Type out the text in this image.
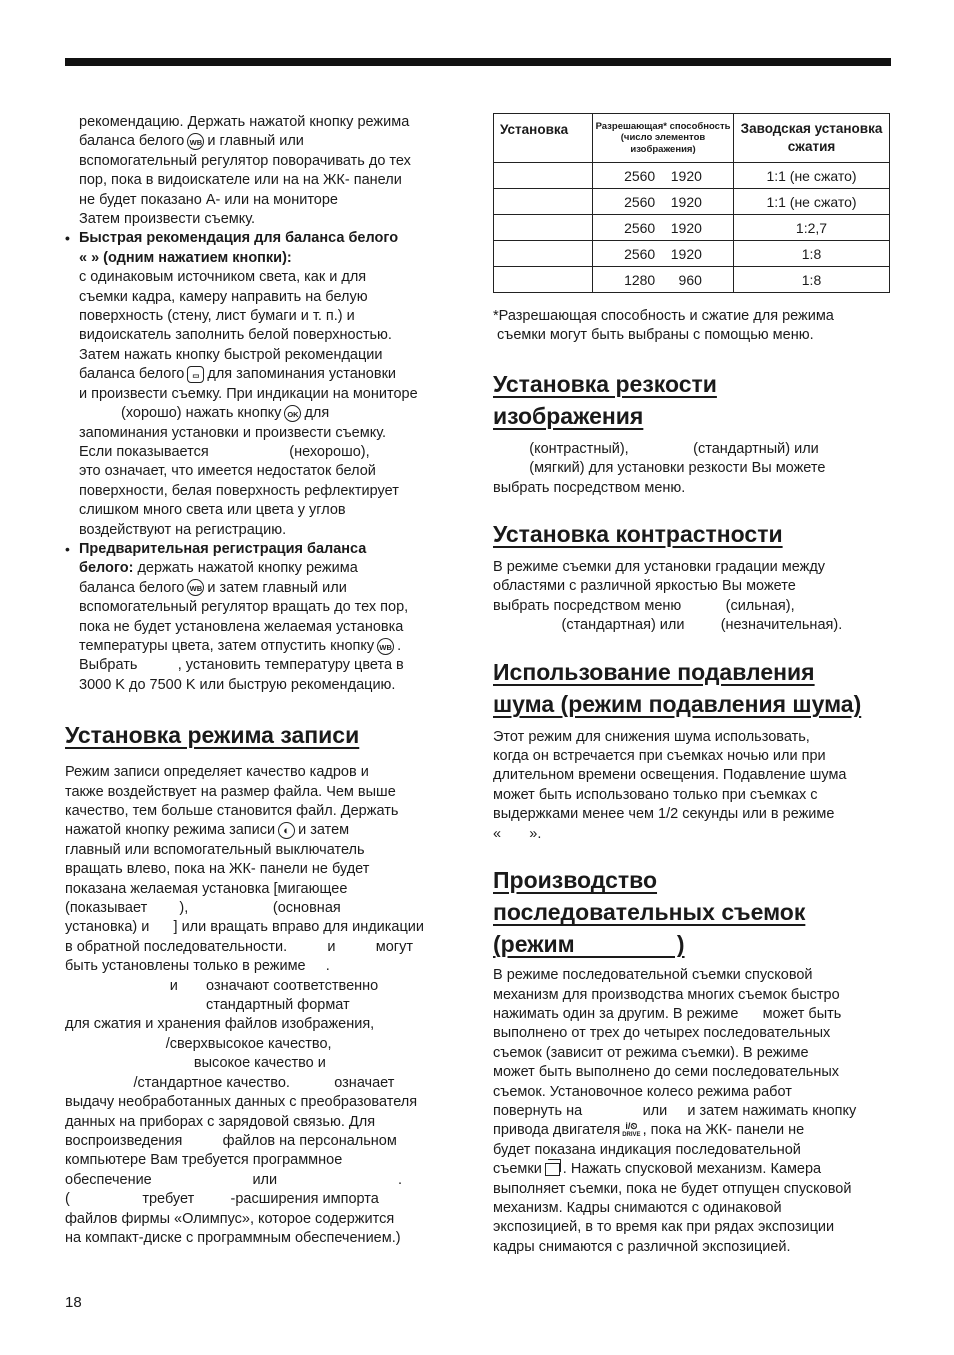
рекомендацию. Держать нажатой кнопку режима

баланса белого WB и главный или

вспомогательный регулятор поворачивать до тех

пор, пока в видоискателе или на на ЖК- панели

не будет показано A- или на мониторе

Затем произвести съемку.

• Быстрая рекомендация для баланса белого

« » (одним нажатием кнопки):

с одинаковым источником света, как и для

съемки кадра, камеру направить на белую

поверхность (стену, лист бумаги и т. п.) и

видоискатель заполнить белой поверхностью.

Затем нажать кнопку быстрой рекомендации

баланса белого ▭ для запоминания установки

и произвести съемку. При индикации на мониторе

(хорошо) нажать кнопку OK для

запоминания установки и произвести съемку.

Если показывается                    (нехорошо),

это означает, что имеется недостаток белой

поверхности, белая поверхность рефлектирует

слишком много света или цвета у углов

воздействуют на регистрацию.

• Предварительная регистрация баланса

белого: держать нажатой кнопку режима

баланса белого WB и затем главный или

вспомогательный регулятор вращать до тех пор,

пока не будет установлена желаемая установка

температуры цвета, затем отпустить кнопку WB .

Выбрать          , установить температуру цвета в

3000 K до 7500 K или быструю рекомендацию.

Установка режима записи

Режим записи определяет качество кадров и

также воздействует на размер файла. Чем выше

качество, тем больше становится файл. Держать

нажатой кнопку режима записи ◐ и затем

главный или вспомогательный выключатель

вращать влево, пока на ЖК- панели не будет

показана желаемая установка [мигающее

(показывает        ),                     (основная

установка) и      ] или вращать вправо для индикации

в обратной последовательности.          и          могут

быть установлены только в режиме     .

и       означают соответственно

стандартный формат

для сжатия и хранения файлов изображения,

/сверхвысокое качество,

высокое качество и

/стандартное качество.           означает

выдачу необработанных данных с преобразователя

данных на приборах с зарядовой связью. Для

воспроизведения          файлов на персональном

компьютере Вам требуется программное

обеспечение                         или                              .

(                  требует         -расширения импорта

файлов фирмы «Олимпус», которое содержится

на компакт-диске с программным обеспечением.)

Установка	Разрешающая* способность (число элементов изображения)	Заводская установка сжатия
	2560    1920	1:1 (не сжато)
	2560    1920	1:1 (не сжато)
	2560    1920	1:2,7
	2560    1920	1:8
	1280      960	1:8

*Разрешающая способность и сжатие для режима

съемки могут быть выбраны с помощью меню.

Установка резкости
изображения

(контрастный),                (стандартный) или

(мягкий) для установки резкости Вы можете

выбрать посредством меню.

Установка контрастности

В режиме съемки для установки градации между

областями с различной яркостью Вы можете

выбрать посредством меню           (сильная),

(стандартная) или         (незначительная).

Использование подавления
шума (режим подавления шума)

Этот режим для снижения шума использовать,

когда он встречается при съемках ночью или при

длительном времени освещения. Подавление шума

может быть использовано только при съемках с

выдержками менее чем 1/2 секунды или в режиме

«       ».

Производство
последовательных съемок
(режим                )

В режиме последовательной съемки спусковой

механизм для производства многих съемок быстро

нажимать один за другим. В режиме      может быть

выполнено от трех до четырех последовательных

съемок (зависит от режима съемки). В режиме

может быть выполнено до семи последовательных

съемок. Установочное колесо режима работ

повернуть на               или     и затем нажимать кнопку

привода двигателя i/⏲
DRIVE , пока на ЖК- панели не

будет показана индикация последовательной

съемки . Нажать спусковой механизм. Камера

выполняет съемки, пока не будет отпущен спусковой

механизм. Кадры снимаются с одинаковой

экспозицией, в то время как при рядах экспозиции

кадры снимаются с различной экспозицией.

18
